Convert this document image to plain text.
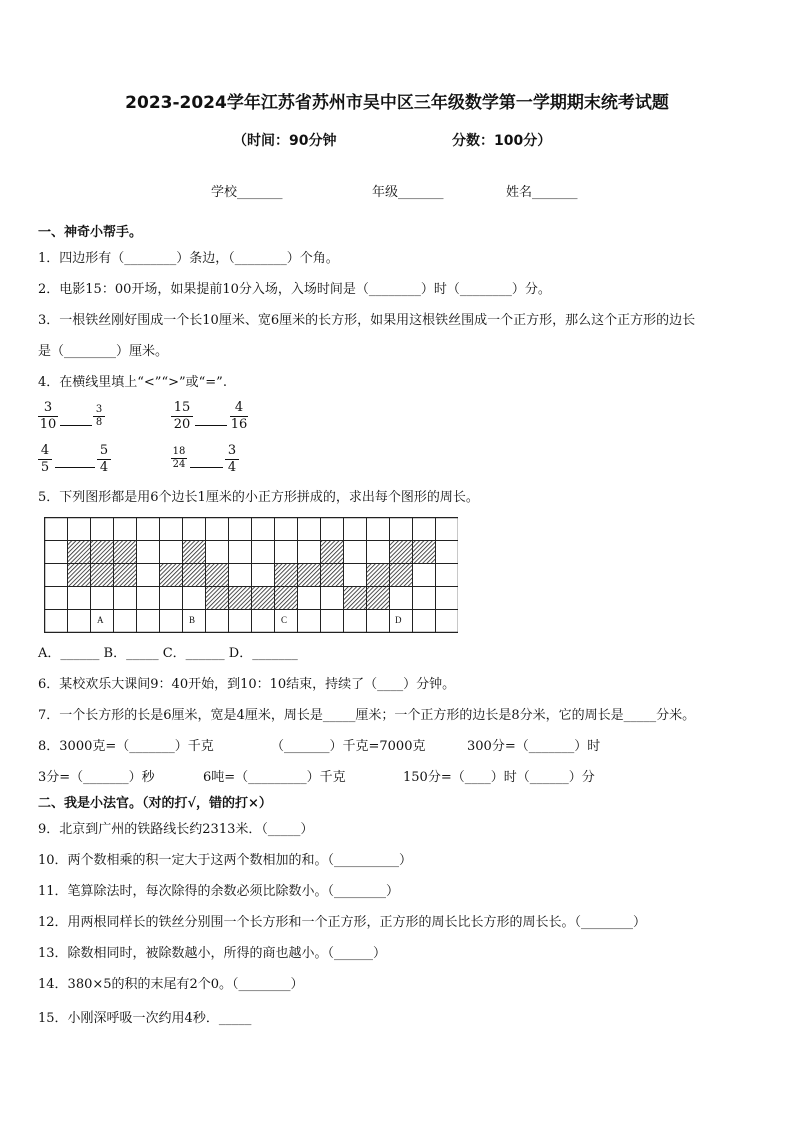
2023-2024学年江苏省苏州市吴中区三年级数学第一学期期末统考试题
（时间：90分钟	分数：100分）
学校_______	年级_______	姓名_______
一、神奇小帮手。
1．四边形有（________）条边，（________）个角。
2．电影15：00开场，如果提前10分入场，入场时间是（________）时（________）分。
3．一根铁丝刚好围成一个长10厘米、宽6厘米的长方形，如果用这根铁丝围成一个正方形，那么这个正方形的边长
是（________）厘米。
4．在横线里填上“<”“>”或“=”.
$\frac{3}{10}$	$\frac{3}{8}$	$\frac{15}{20}$	$\frac{4}{16}$
$\frac{4}{5}$	$\frac{5}{4}$	$\frac{18}{24}$	$\frac{3}{4}$
5．下列图形都是用6个边长1厘米的小正方形拼成的，求出每个图形的周长。
A	B	C	D
A．______ B．_____ C．______ D．_______
6．某校欢乐大课间9：40开始，到10：10结束，持续了（____）分钟。
7．一个长方形的长是6厘米，宽是4厘米，周长是_____厘米；一个正方形的边长是8分米，它的周长是_____分米。
8．3000克=（_______）千克	（_______）千克=7000克	300分=（_______）时
3分=（_______）秒	6吨=（_________）千克	150分=（____）时（______）分
二、我是小法官。（对的打√，错的打×）
9．北京到广州的铁路线长约2313米．（_____）
10．两个数相乘的积一定大于这两个数相加的和。（__________）
11．笔算除法时，每次除得的余数必须比除数小。（________）
12．用两根同样长的铁丝分别围一个长方形和一个正方形，正方形的周长比长方形的周长长。（________）
13．除数相同时，被除数越小，所得的商也越小。（______）
14．380×5的积的末尾有2个0。（________）
15．小刚深呼吸一次约用4秒．_____
